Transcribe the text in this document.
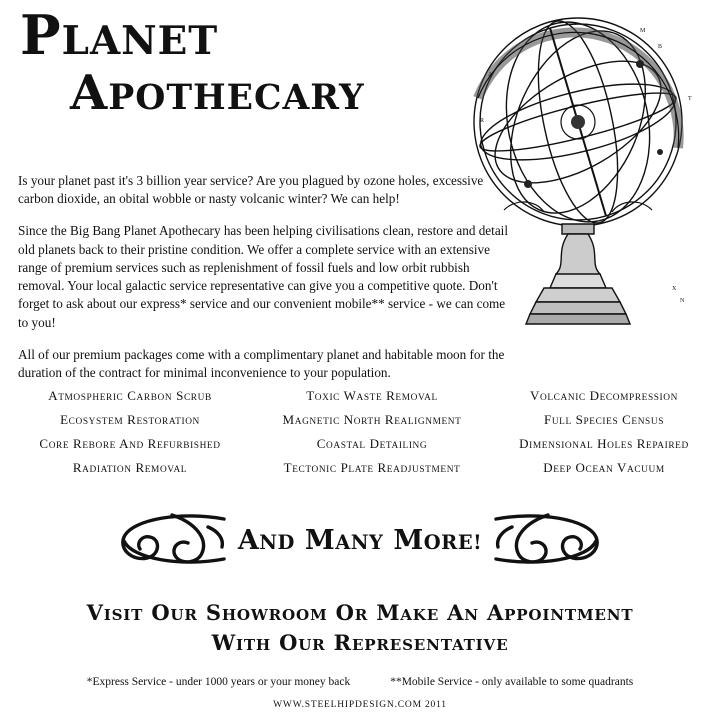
PLANET
APOTHECARY
M
B
T
X
N
R
A

Is your planet past it's 3 billion year service? Are you plagued by ozone holes, excessive carbon dioxide, an obital wobble or nasty volcanic winter? We can help!

Since the Big Bang Planet Apothecary has been helping civilisations clean, restore and detail old planets back to their pristine condition. We offer a complete service with an extensive range of premium services such as replenishment of fossil fuels and low orbit rubbish removal. Your local galactic service representative can give you a competitive quote. Don't forget to ask about our express* service and our convenient mobile** service - we can come to you!

All of our premium packages come with a complimentary planet and habitable moon for the duration of the contract for minimal inconvenience to your population.

ATMOSPHERIC CARBON SCRUB
ECOSYSTEM RESTORATION
CORE REBORE AND REFURBISHED
RADIATION REMOVAL
TOXIC WASTE REMOVAL
MAGNETIC NORTH REALIGNMENT
COASTAL DETAILING
TECTONIC PLATE READJUSTMENT
VOLCANIC DECOMPRESSION
FULL SPECIES CENSUS
DIMENSIONAL HOLES REPAIRED
DEEP OCEAN VACUUM
AND MANY MORE!
VISIT OUR SHOWROOM OR MAKE AN APPOINTMENT
WITH OUR REPRESENTATIVE
*Express Service - under 1000 years or your money back	**Mobile Service - only available to some quadrants
WWW.STEELHIPDESIGN.COM 2011
